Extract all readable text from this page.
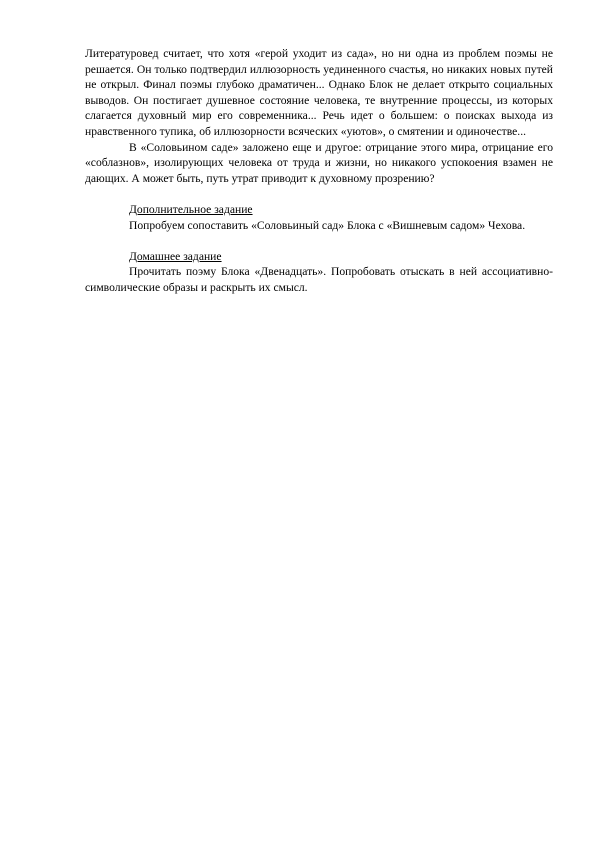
Литературовед считает, что хотя «герой уходит из сада», но ни одна из проблем поэмы не решается. Он только подтвердил иллюзорность уединенного счастья, но никаких новых путей не открыл. Финал поэмы глубоко драматичен... Однако Блок не делает открыто социальных выводов. Он постигает душевное состояние человека, те внутренние процессы, из которых слагается духовный мир его современника... Речь идет о большем: о поисках выхода из нравственного тупика, об иллюзорности всяческих «уютов», о смятении и одиночестве...

В «Соловьином саде» заложено еще и другое: отрицание этого мира, отрицание его «соблазнов», изолирующих человека от труда и жизни, но никакого успокоения взамен не дающих. А может быть, путь утрат приводит к духовному прозрению?

Дополнительное задание

Попробуем сопоставить «Соловьиный сад» Блока с «Вишневым садом» Чехова.

Домашнее задание

Прочитать поэму Блока «Двенадцать». Попробовать отыскать в ней ассоциативно-символические образы и раскрыть их смысл.
